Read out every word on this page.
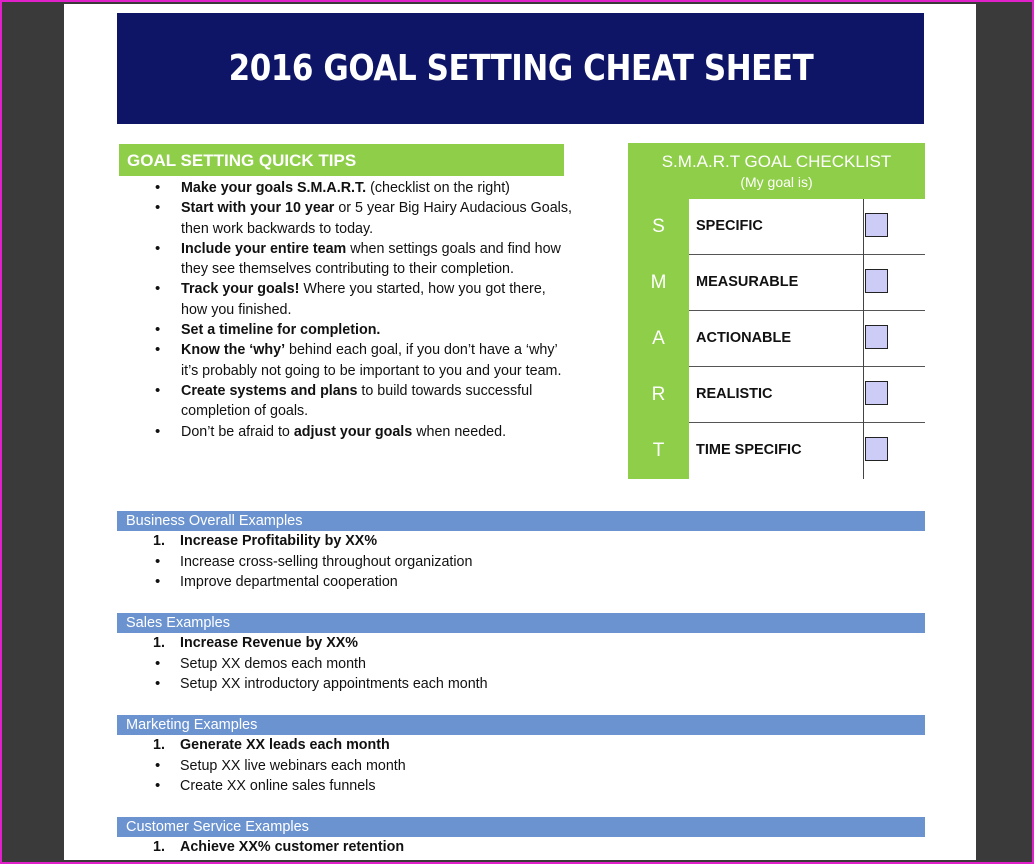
2016 GOAL SETTING CHEAT SHEET
GOAL SETTING QUICK TIPS
• Make your goals S.M.A.R.T. (checklist on the right)
• Start with your 10 year or 5 year Big Hairy Audacious Goals, then work backwards to today.
• Include your entire team when settings goals and find how they see themselves contributing to their completion.
• Track your goals! Where you started, how you got there, how you finished.
• Set a timeline for completion.
• Know the ‘why’ behind each goal, if you don’t have a ‘why’ it’s probably not going to be important to you and your team.
• Create systems and plans to build towards successful completion of goals.
• Don’t be afraid to adjust your goals when needed.
S.M.A.R.T GOAL CHECKLIST
(My goal is)
S
M
A
R
T
SPECIFIC
MEASURABLE
ACTIONABLE
REALISTIC
TIME SPECIFIC
Business Overall Examples
1. Increase Profitability by XX%
• Increase cross-selling throughout organization
• Improve departmental cooperation
Sales Examples
1. Increase Revenue by XX%
• Setup XX demos each month
• Setup XX introductory appointments each month
Marketing Examples
1. Generate XX leads each month
• Setup XX live webinars each month
• Create XX online sales funnels
Customer Service Examples
1. Achieve XX% customer retention
